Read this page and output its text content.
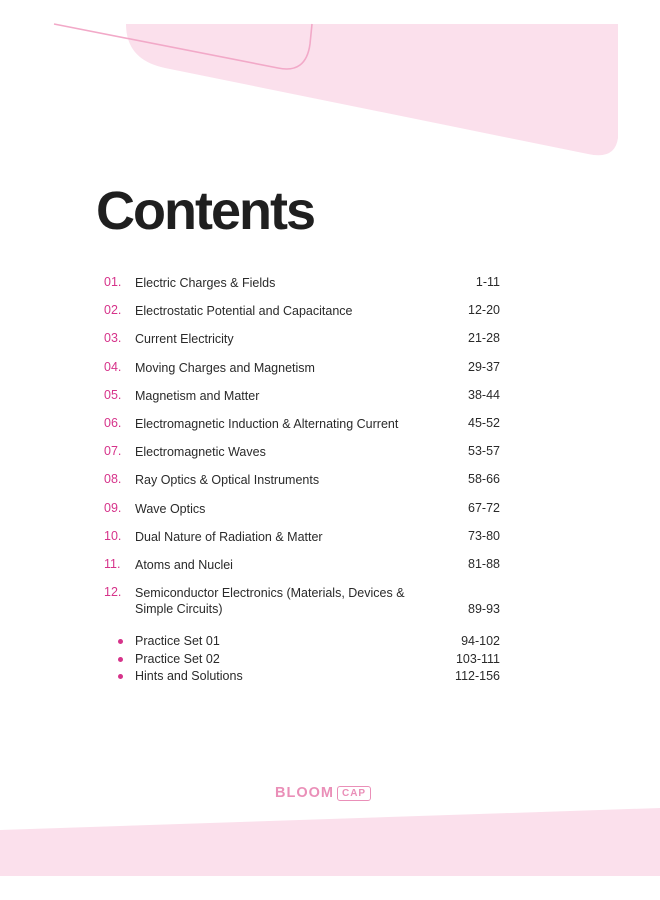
Contents
01. Electric Charges & Fields	1-11
02. Electrostatic Potential and Capacitance	12-20
03. Current Electricity	21-28
04. Moving Charges and Magnetism	29-37
05. Magnetism and Matter	38-44
06. Electromagnetic Induction & Alternating Current	45-52
07. Electromagnetic Waves	53-57
08. Ray Optics & Optical Instruments	58-66
09. Wave Optics	67-72
10. Dual Nature of Radiation & Matter	73-80
11. Atoms and Nuclei	81-88
12. Semiconductor Electronics (Materials, Devices & Simple Circuits)	89-93
Practice Set 01	94-102
Practice Set 02	103-111
Hints and Solutions	112-156
BLOOM CAP
